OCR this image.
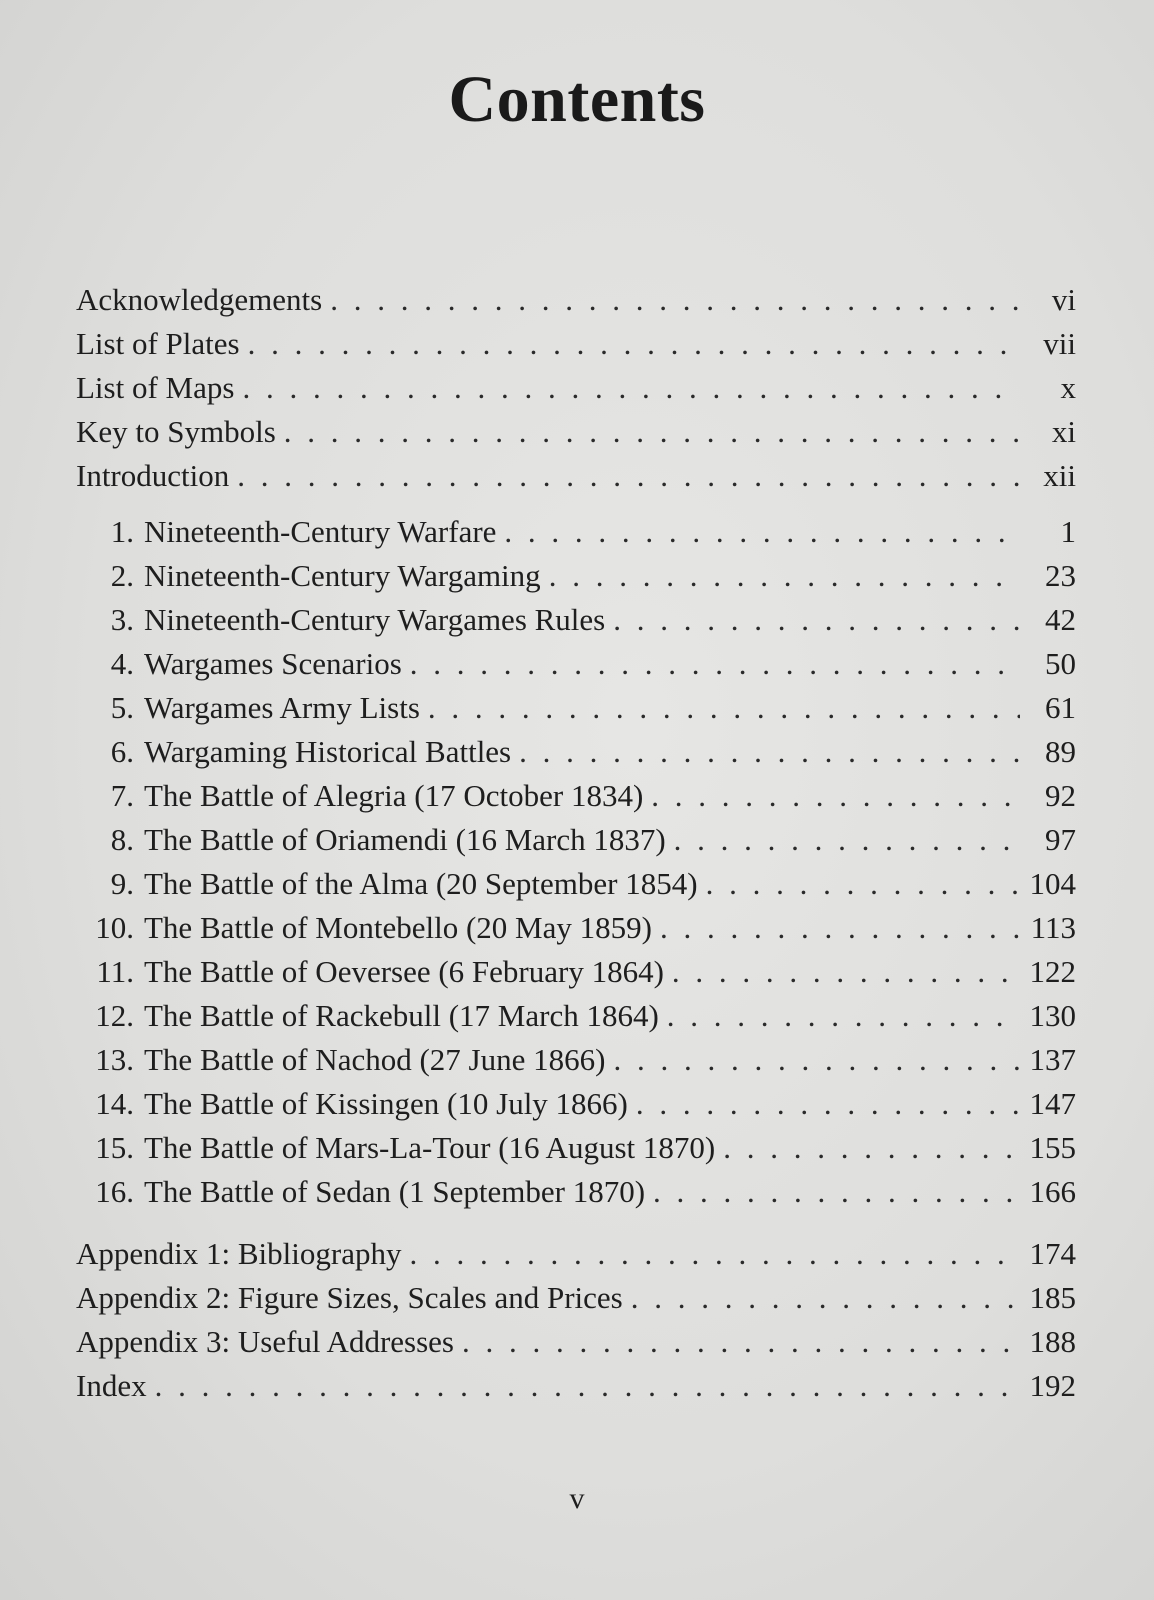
Contents
Acknowledgements . . .	vi
List of Plates . . .	vii
List of Maps . . .	x
Key to Symbols . . .	xi
Introduction . . .	xii
1. Nineteenth-Century Warfare . . .	1
2. Nineteenth-Century Wargaming . . .	23
3. Nineteenth-Century Wargames Rules . . .	42
4. Wargames Scenarios . . .	50
5. Wargames Army Lists . . .	61
6. Wargaming Historical Battles . . .	89
7. The Battle of Alegria (17 October 1834) . . .	92
8. The Battle of Oriamendi (16 March 1837) . . .	97
9. The Battle of the Alma (20 September 1854) . . .	104
10. The Battle of Montebello (20 May 1859) . . .	113
11. The Battle of Oeversee (6 February 1864) . . .	122
12. The Battle of Rackebull (17 March 1864) . . .	130
13. The Battle of Nachod (27 June 1866) . . .	137
14. The Battle of Kissingen (10 July 1866) . . .	147
15. The Battle of Mars-La-Tour (16 August 1870) . . .	155
16. The Battle of Sedan (1 September 1870) . . .	166
Appendix 1: Bibliography . . .	174
Appendix 2: Figure Sizes, Scales and Prices . . .	185
Appendix 3: Useful Addresses . . .	188
Index . . .	192
v
